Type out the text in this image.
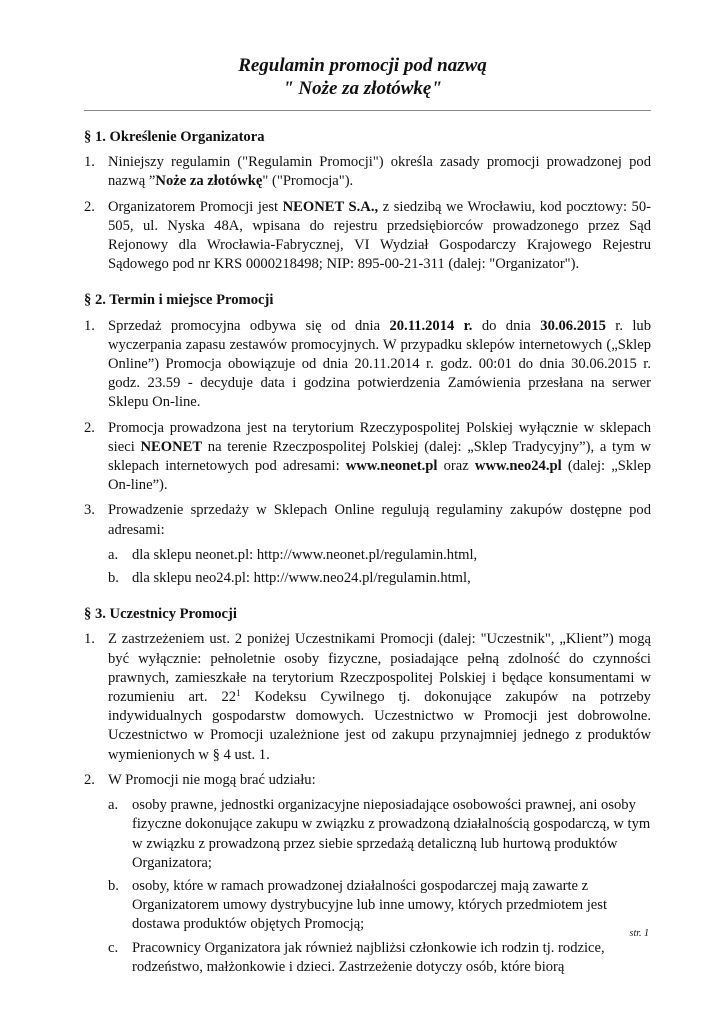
Regulamin promocji pod nazwą
" Noże za złotówkę"
§ 1. Określenie Organizatora
1. Niniejszy regulamin ("Regulamin Promocji") określa zasady promocji prowadzonej pod nazwą ”Noże za złotówkę" ("Promocja").
2. Organizatorem Promocji jest NEONET S.A., z siedzibą we Wrocławiu, kod pocztowy: 50-505, ul. Nyska 48A, wpisana do rejestru przedsiębiorców prowadzonego przez Sąd Rejonowy dla Wrocławia-Fabrycznej, VI Wydział Gospodarczy Krajowego Rejestru Sądowego pod nr KRS 0000218498; NIP: 895-00-21-311 (dalej: "Organizator").
§ 2. Termin i miejsce Promocji
1. Sprzedaż promocyjna odbywa się od dnia 20.11.2014 r. do dnia 30.06.2015 r. lub wyczerpania zapasu zestawów promocyjnych. W przypadku sklepów internetowych („Sklep Online”) Promocja obowiązuje od dnia 20.11.2014 r. godz. 00:01 do dnia 30.06.2015 r. godz. 23.59 - decyduje data i godzina potwierdzenia Zamówienia przesłana na serwer Sklepu On-line.
2. Promocja prowadzona jest na terytorium Rzeczypospolitej Polskiej wyłącznie w sklepach sieci NEONET na terenie Rzeczpospolitej Polskiej (dalej: „Sklep Tradycyjny”), a tym w sklepach internetowych pod adresami: www.neonet.pl oraz www.neo24.pl (dalej: „Sklep On-line”).
3. Prowadzenie sprzedaży w Sklepach Online regulują regulaminy zakupów dostępne pod adresami:
a. dla sklepu neonet.pl: http://www.neonet.pl/regulamin.html,
b. dla sklepu neo24.pl: http://www.neo24.pl/regulamin.html,
§ 3. Uczestnicy Promocji
1. Z zastrzeżeniem ust. 2 poniżej Uczestnikami Promocji (dalej: "Uczestnik", „Klient”) mogą być wyłącznie: pełnoletnie osoby fizyczne, posiadające pełną zdolność do czynności prawnych, zamieszkałe na terytorium Rzeczpospolitej Polskiej i będące konsumentami w rozumieniu art. $22^1$ Kodeksu Cywilnego tj. dokonujące zakupów na potrzeby indywidualnych gospodarstw domowych. Uczestnictwo w Promocji jest dobrowolne. Uczestnictwo w Promocji uzależnione jest od zakupu przynajmniej jednego z produktów wymienionych w § 4 ust. 1.
2. W Promocji nie mogą brać udziału:
a. osoby prawne, jednostki organizacyjne nieposiadające osobowości prawnej, ani osoby fizyczne dokonujące zakupu w związku z prowadzoną działalnością gospodarczą, w tym w związku z prowadzoną przez siebie sprzedażą detaliczną lub hurtową produktów Organizatora;
b. osoby, które w ramach prowadzonej działalności gospodarczej mają zawarte z Organizatorem umowy dystrybucyjne lub inne umowy, których przedmiotem jest dostawa produktów objętych Promocją;
c. Pracownicy Organizatora jak również najbliżsi członkowie ich rodzin tj. rodzice, rodzeństwo, małżonkowie i dzieci. Zastrzeżenie dotyczy osób, które biorą
str. 1
